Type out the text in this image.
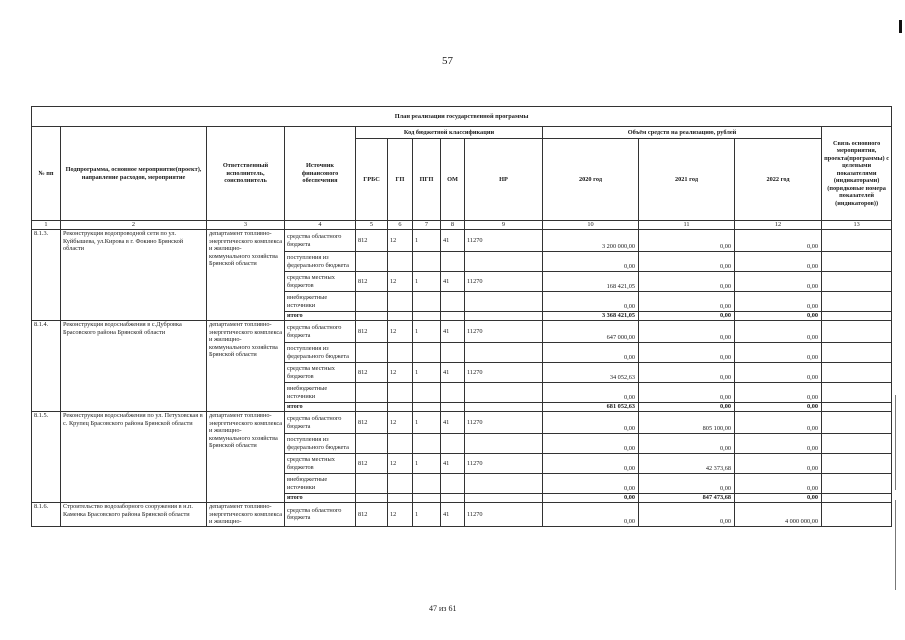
57
План реализации государственной программы												
№ пп	Подпрограмма, основное мероприятие(проект), направление расходов, мероприятие	Ответственный исполнитель, соисполнитель	Источник финансового обеспечения	Код бюджетной классификации					Объём средств на реализацию, рублей			Связь основного мероприятия, проекта(программы) с целевыми показателями (индикаторами) (порядковые номера показателей (индикаторов))
				ГРБС	ГП	ПГП	ОМ	НР	2020 год	2021 год	2022 год	
1	2	3	4	5	6	7	8	9	10	11	12	13
8.1.3.	Реконструкция водопроводной сети по ул. Куйбышева, ул.Кирова в г. Фокино Брянской области	департамент топливно-энергетического комплекса и жилищно-коммунального хозяйства Брянской области	средства областного бюджета	812	12	1	41	11270	3 200 000,00	0,00	0,00	
			поступления из федерального бюджета						0,00	0,00	0,00	
			средства местных бюджетов	812	12	1	41	11270	168 421,05	0,00	0,00	
			внебюджетные источники						0,00	0,00	0,00	
			итого						3 368 421,05	0,00	0,00	
8.1.4.	Реконструкция водоснабжения в с.Дубровка Брасовского района Брянской области	департамент топливно-энергетического комплекса и жилищно-коммунального хозяйства Брянской области	средства областного бюджета	812	12	1	41	11270	647 000,00	0,00	0,00	
			поступления из федерального бюджета						0,00	0,00	0,00	
			средства местных бюджетов	812	12	1	41	11270	34 052,63	0,00	0,00	
			внебюджетные источники						0,00	0,00	0,00	
			итого						681 052,63	0,00	0,00	
8.1.5.	Реконструкция водоснабжения по ул. Петуховская в с. Крупец Брасовского района Брянской области	департамент топливно-энергетического комплекса и жилищно-коммунального хозяйства Брянской области	средства областного бюджета	812	12	1	41	11270	0,00	805 100,00	0,00	
			поступления из федерального бюджета						0,00	0,00	0,00	
			средства местных бюджетов	812	12	1	41	11270	0,00	42 373,68	0,00	
			внебюджетные источники						0,00	0,00	0,00	
			итого						0,00	847 473,68	0,00	
8.1.6.	Строительство водозаборного сооружения в н.п. Каменка Брасовского района Брянской области	департамент топливно-энергетического комплекса и жилищно-	средства областного бюджета	812	12	1	41	11270	0,00	0,00	4 000 000,00	
47 из 61
